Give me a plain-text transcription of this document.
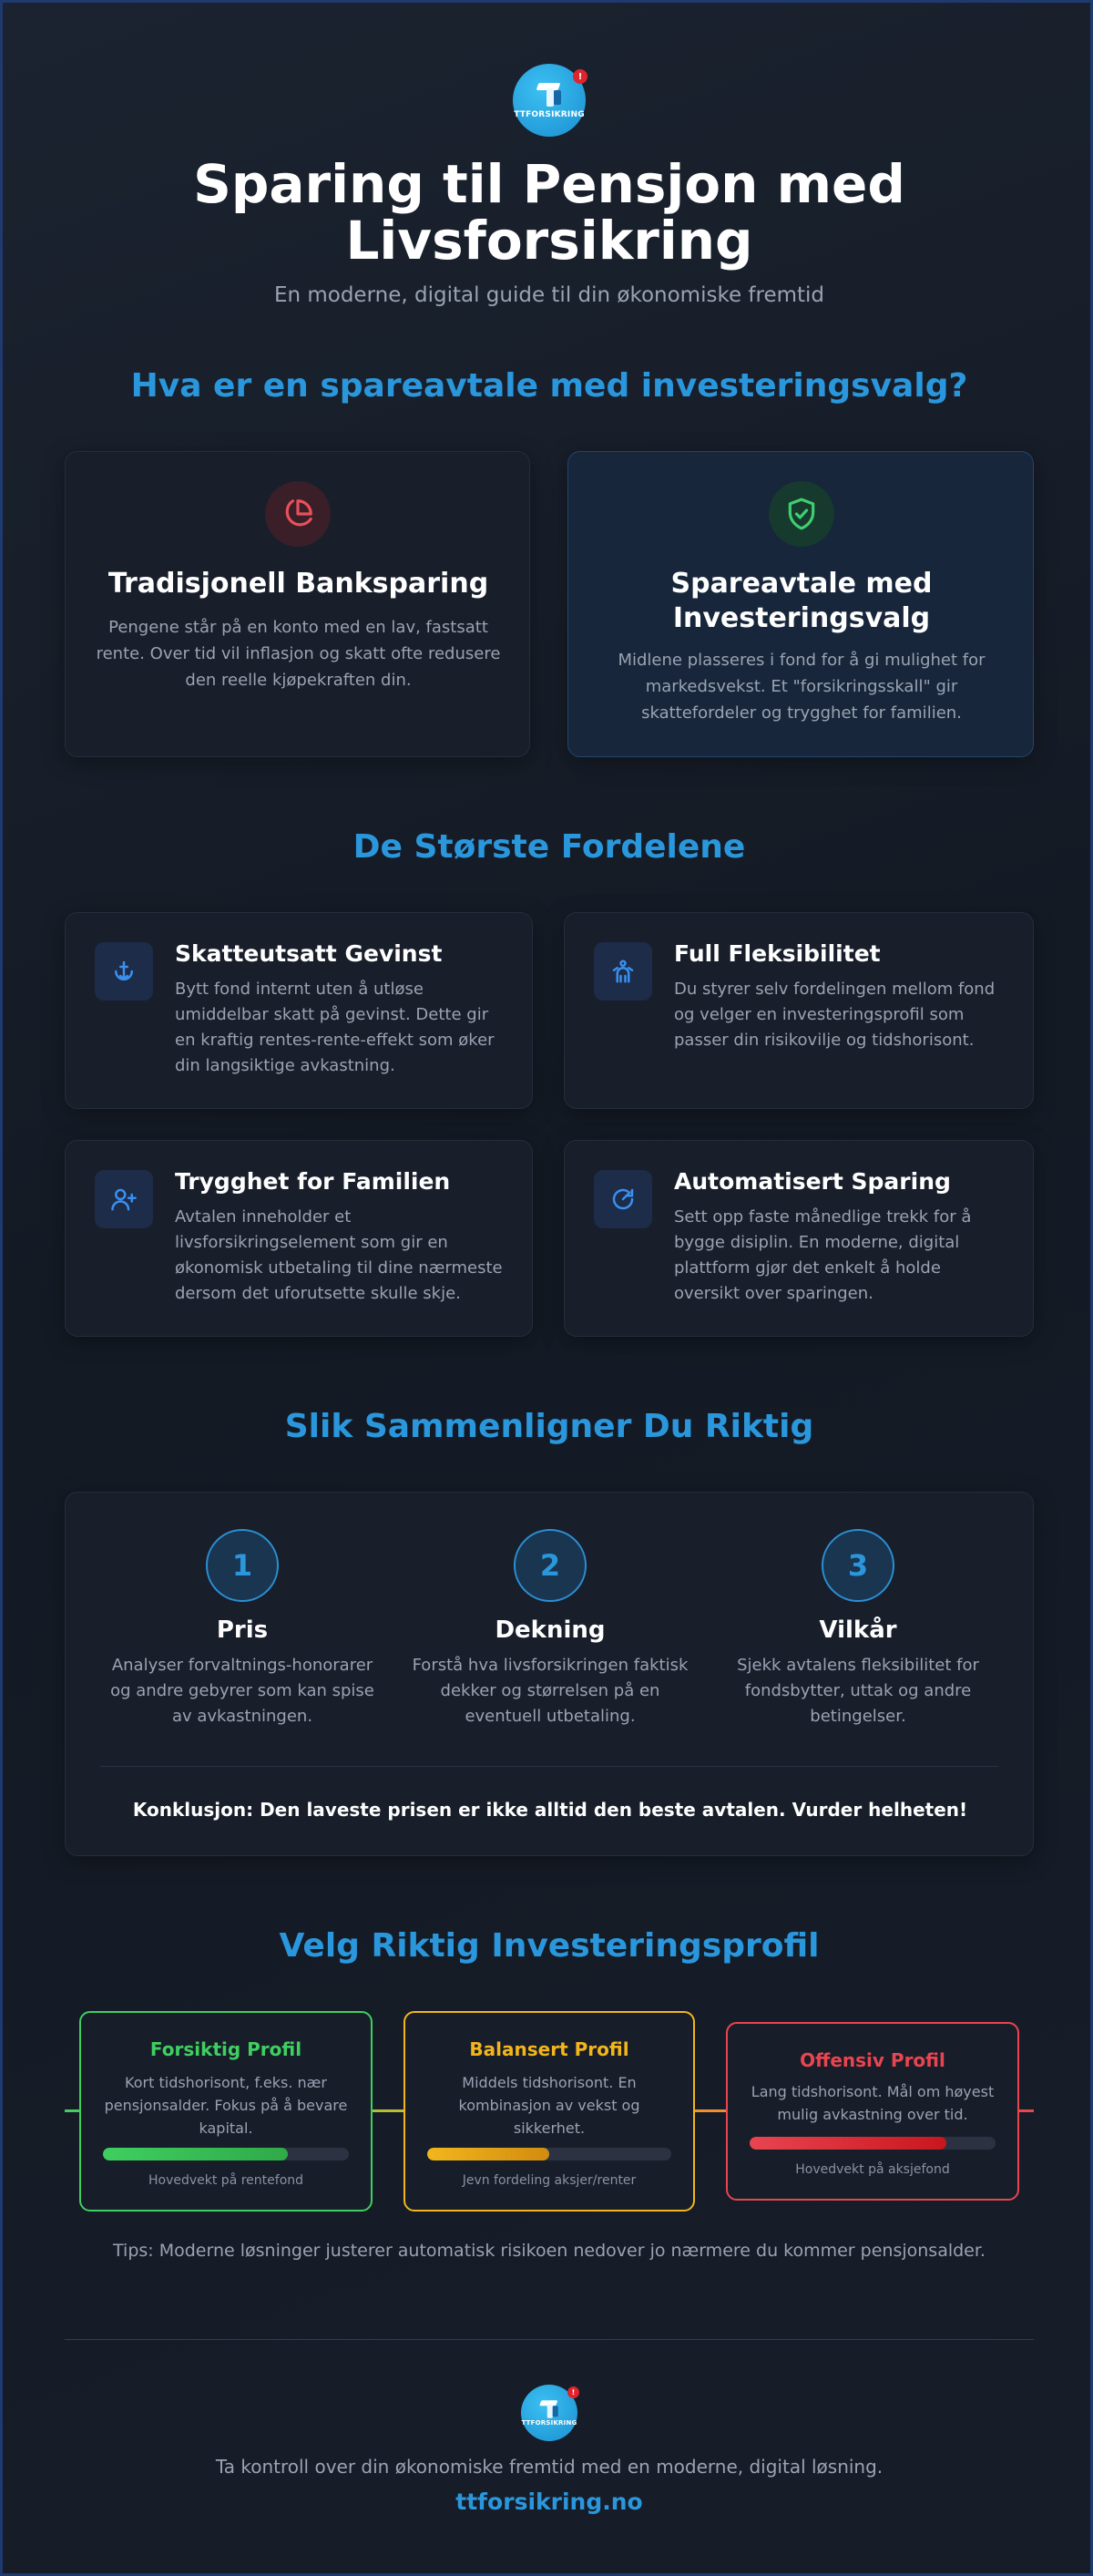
TTFORSIKRING
!
Sparing til Pensjon med
Livsforsikring
En moderne, digital guide til din økonomiske fremtid
Hva er en spareavtale med investeringsvalg?
Tradisjonell Banksparing
Pengene står på en konto med en lav, fastsatt
rente. Over tid vil inflasjon og skatt ofte redusere
den reelle kjøpekraften din.
Spareavtale med
Investeringsvalg
Midlene plasseres i fond for å gi mulighet for
markedsvekst. Et "forsikringsskall" gir
skattefordeler og trygghet for familien.
De Største Fordelene
Skatteutsatt Gevinst
Bytt fond internt uten å utløse
umiddelbar skatt på gevinst. Dette gir
en kraftig rentes-rente-effekt som øker
din langsiktige avkastning.
Full Fleksibilitet
Du styrer selv fordelingen mellom fond
og velger en investeringsprofil som
passer din risikovilje og tidshorisont.
Trygghet for Familien
Avtalen inneholder et
livsforsikringselement som gir en
økonomisk utbetaling til dine nærmeste
dersom det uforutsette skulle skje.
Automatisert Sparing
Sett opp faste månedlige trekk for å
bygge disiplin. En moderne, digital
plattform gjør det enkelt å holde
oversikt over sparingen.
Slik Sammenligner Du Riktig
1
Pris
Analyser forvaltnings-honorarer
og andre gebyrer som kan spise
av avkastningen.
2
Dekning
Forstå hva livsforsikringen faktisk
dekker og størrelsen på en
eventuell utbetaling.
3
Vilkår
Sjekk avtalens fleksibilitet for
fondsbytter, uttak og andre
betingelser.
Konklusjon: Den laveste prisen er ikke alltid den beste avtalen. Vurder helheten!
Velg Riktig Investeringsprofil
Forsiktig Profil
Kort tidshorisont, f.eks. nær
pensjonsalder. Fokus på å bevare
kapital.
Hovedvekt på rentefond
Balansert Profil
Middels tidshorisont. En
kombinasjon av vekst og
sikkerhet.
Jevn fordeling aksjer/renter
Offensiv Profil
Lang tidshorisont. Mål om høyest
mulig avkastning over tid.
Hovedvekt på aksjefond
Tips: Moderne løsninger justerer automatisk risikoen nedover jo nærmere du kommer pensjonsalder.
TTFORSIKRING
!
Ta kontroll over din økonomiske fremtid med en moderne, digital løsning.
ttforsikring.no
